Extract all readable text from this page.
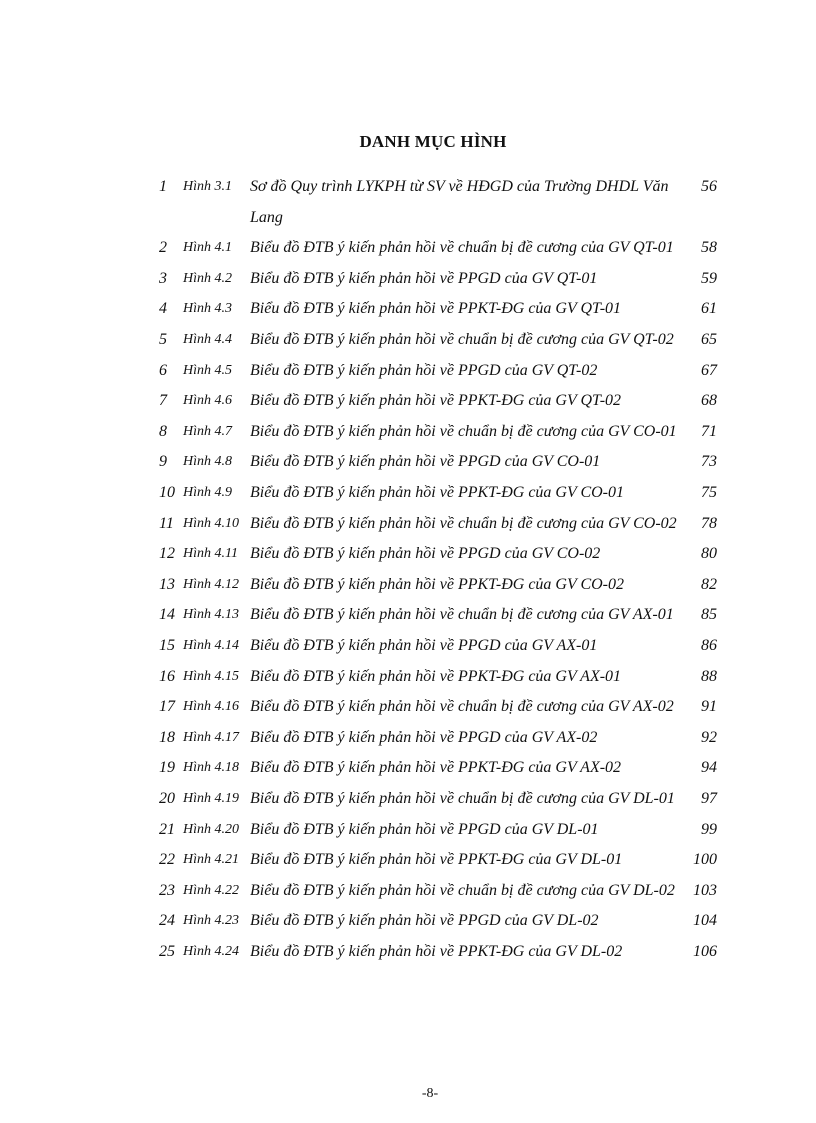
DANH MỤC HÌNH
1	Hình 3.1	Sơ đồ Quy trình LYKPH từ SV về HĐGD của Trường DHDL Văn Lang
56
2	Hình 4.1	Biểu đồ ĐTB ý kiến phản hồi về chuẩn bị đề cương của GV QT-01	58
3	Hình 4.2	Biểu đồ ĐTB ý kiến phản hồi về PPGD của GV QT-01	59
4	Hình 4.3	Biểu đồ ĐTB ý kiến phản hồi về PPKT-ĐG của GV QT-01	61
5	Hình 4.4	Biểu đồ ĐTB ý kiến phản hồi về chuẩn bị đề cương của GV QT-02	65
6	Hình 4.5	Biểu đồ ĐTB ý kiến phản hồi về PPGD của GV QT-02	67
7	Hình 4.6	Biểu đồ ĐTB ý kiến phản hồi về PPKT-ĐG của GV QT-02	68
8	Hình 4.7	Biểu đồ ĐTB ý kiến phản hồi về chuẩn bị đề cương của GV CO-01	71
9	Hình 4.8	Biểu đồ ĐTB ý kiến phản hồi về PPGD của GV CO-01	73
10 Hình 4.9	Biểu đồ ĐTB ý kiến phản hồi về PPKT-ĐG của GV CO-01	75
11 Hình 4.10 Biểu đồ ĐTB ý kiến phản hồi về chuẩn bị đề cương của GV CO-02	78
12 Hình 4.11 Biểu đồ ĐTB ý kiến phản hồi về PPGD của GV CO-02	80
13 Hình 4.12 Biểu đồ ĐTB ý kiến phản hồi về PPKT-ĐG của GV CO-02	82
14 Hình 4.13 Biểu đồ ĐTB ý kiến phản hồi về chuẩn bị đề cương của GV AX-01	85
15 Hình 4.14 Biểu đồ ĐTB ý kiến phản hồi về PPGD của GV AX-01	86
16 Hình 4.15 Biểu đồ ĐTB ý kiến phản hồi về PPKT-ĐG của GV AX-01	88
17 Hình 4.16 Biểu đồ ĐTB ý kiến phản hồi về chuẩn bị đề cương của GV AX-02	91
18 Hình 4.17 Biểu đồ ĐTB ý kiến phản hồi về PPGD của GV AX-02	92
19 Hình 4.18 Biểu đồ ĐTB ý kiến phản hồi về PPKT-ĐG của GV AX-02	94
20 Hình 4.19 Biểu đồ ĐTB ý kiến phản hồi về chuẩn bị đề cương của GV DL-01	97
21 Hình 4.20 Biểu đồ ĐTB ý kiến phản hồi về PPGD của GV DL-01	99
22 Hình 4.21 Biểu đồ ĐTB ý kiến phản hồi về PPKT-ĐG của GV DL-01	100
23 Hình 4.22 Biểu đồ ĐTB ý kiến phản hồi về chuẩn bị đề cương của GV DL-02	103
24 Hình 4.23 Biểu đồ ĐTB ý kiến phản hồi về PPGD của GV DL-02	104
25 Hình 4.24 Biểu đồ ĐTB ý kiến phản hồi về PPKT-ĐG của GV DL-02	106
-8-
